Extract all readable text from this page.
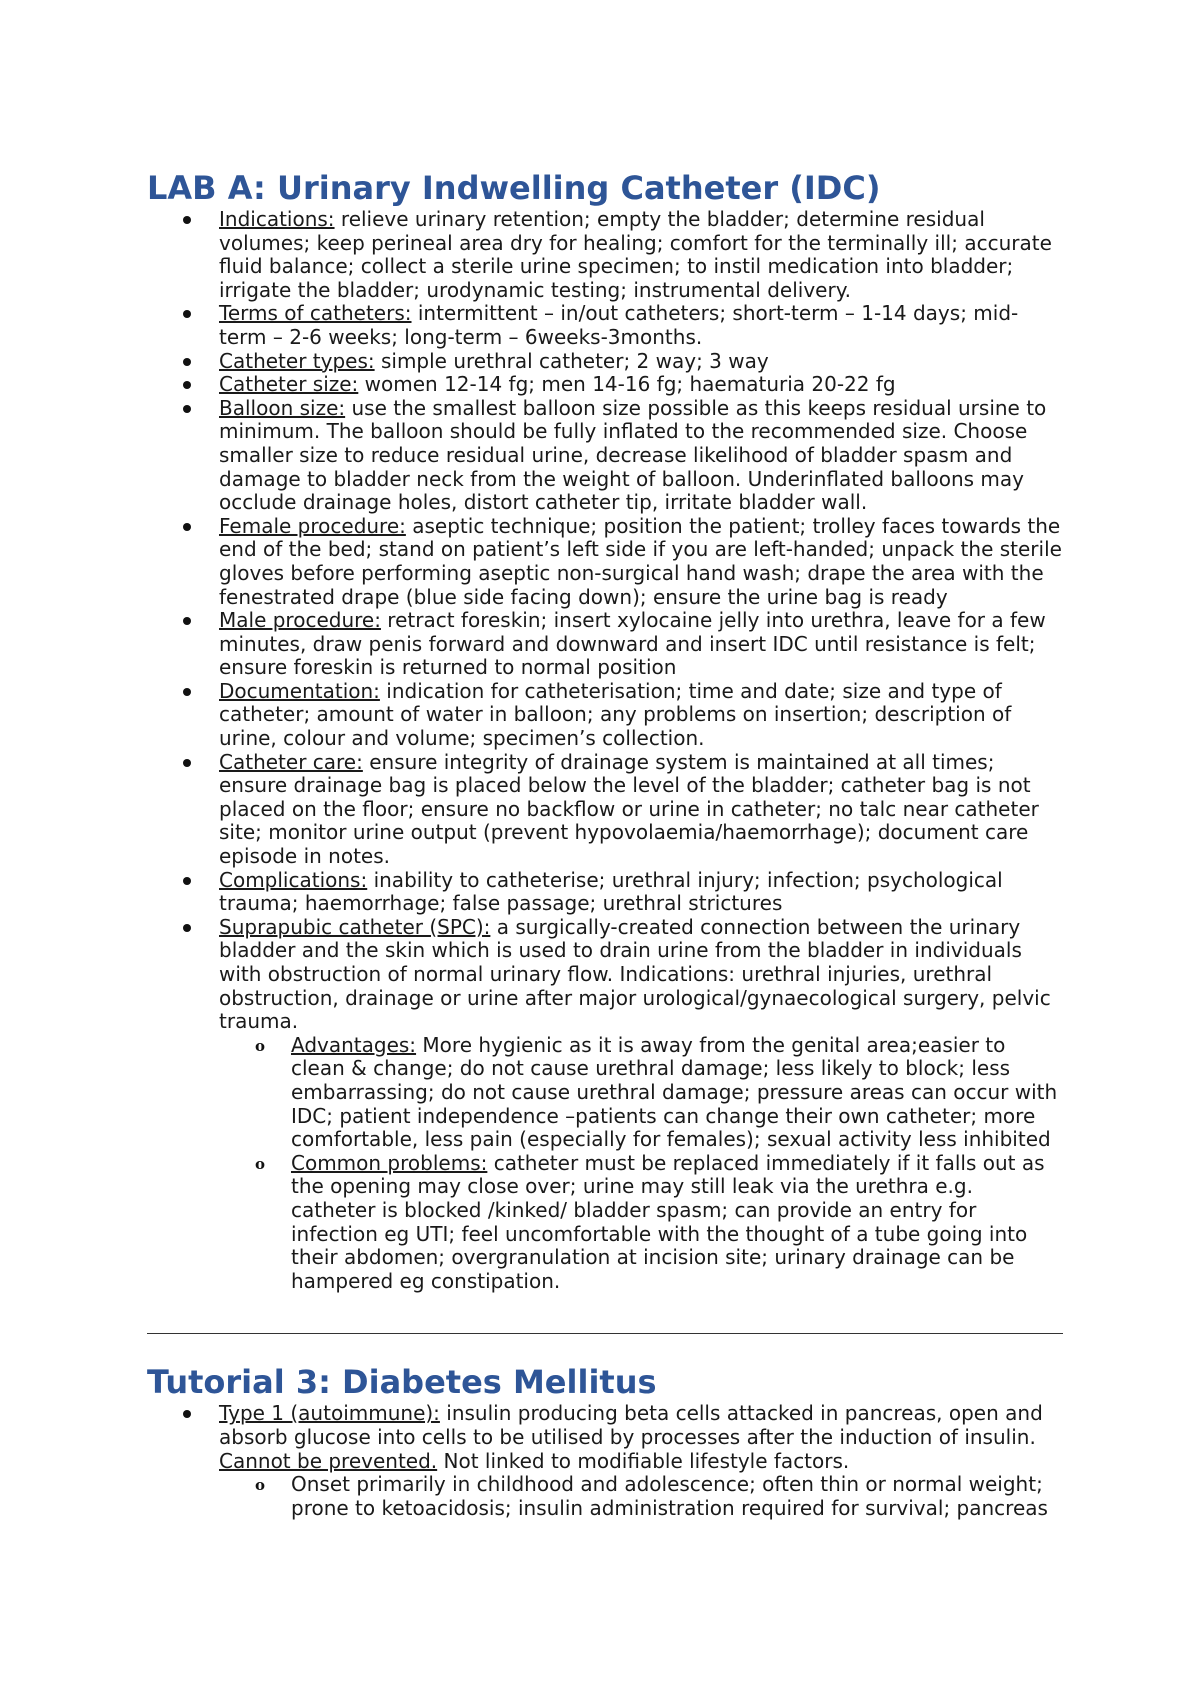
LAB A: Urinary Indwelling Catheter (IDC)
Indications: relieve urinary retention; empty the bladder; determine residual volumes; keep perineal area dry for healing; comfort for the terminally ill; accurate fluid balance; collect a sterile urine specimen; to instil medication into bladder; irrigate the bladder; urodynamic testing; instrumental delivery.
Terms of catheters: intermittent – in/out catheters; short-term – 1-14 days; mid-term – 2-6 weeks; long-term – 6weeks-3months.
Catheter types: simple urethral catheter; 2 way; 3 way
Catheter size: women 12-14 fg; men 14-16 fg; haematuria 20-22 fg
Balloon size: use the smallest balloon size possible as this keeps residual ursine to minimum. The balloon should be fully inflated to the recommended size. Choose smaller size to reduce residual urine, decrease likelihood of bladder spasm and damage to bladder neck from the weight of balloon. Underinflated balloons may occlude drainage holes, distort catheter tip, irritate bladder wall.
Female procedure: aseptic technique; position the patient; trolley faces towards the end of the bed; stand on patient’s left side if you are left-handed; unpack the sterile gloves before performing aseptic non-surgical hand wash; drape the area with the fenestrated drape (blue side facing down); ensure the urine bag is ready
Male procedure: retract foreskin; insert xylocaine jelly into urethra, leave for a few minutes, draw penis forward and downward and insert IDC until resistance is felt; ensure foreskin is returned to normal position
Documentation: indication for catheterisation; time and date; size and type of catheter; amount of water in balloon; any problems on insertion; description of urine, colour and volume; specimen’s collection.
Catheter care: ensure integrity of drainage system is maintained at all times; ensure drainage bag is placed below the level of the bladder; catheter bag is not placed on the floor; ensure no backflow or urine in catheter; no talc near catheter site; monitor urine output (prevent hypovolaemia/haemorrhage); document care episode in notes.
Complications: inability to catheterise; urethral injury; infection; psychological trauma; haemorrhage; false passage; urethral strictures
Suprapubic catheter (SPC): a surgically-created connection between the urinary bladder and the skin which is used to drain urine from the bladder in individuals with obstruction of normal urinary flow. Indications: urethral injuries, urethral obstruction, drainage or urine after major urological/gynaecological surgery, pelvic trauma.
o Advantages: More hygienic as it is away from the genital area;easier to clean & change; do not cause urethral damage; less likely to block; less embarrassing; do not cause urethral damage; pressure areas can occur with IDC; patient independence –patients can change their own catheter; more comfortable, less pain (especially for females); sexual activity less inhibited
o Common problems: catheter must be replaced immediately if it falls out as the opening may close over; urine may still leak via the urethra e.g. catheter is blocked /kinked/ bladder spasm; can provide an entry for infection eg UTI; feel uncomfortable with the thought of a tube going into their abdomen; overgranulation at incision site; urinary drainage can be hampered eg constipation.
Tutorial 3: Diabetes Mellitus
Type 1 (autoimmune): insulin producing beta cells attacked in pancreas, open and absorb glucose into cells to be utilised by processes after the induction of insulin. Cannot be prevented. Not linked to modifiable lifestyle factors.
o Onset primarily in childhood and adolescence; often thin or normal weight; prone to ketoacidosis; insulin administration required for survival; pancreas
